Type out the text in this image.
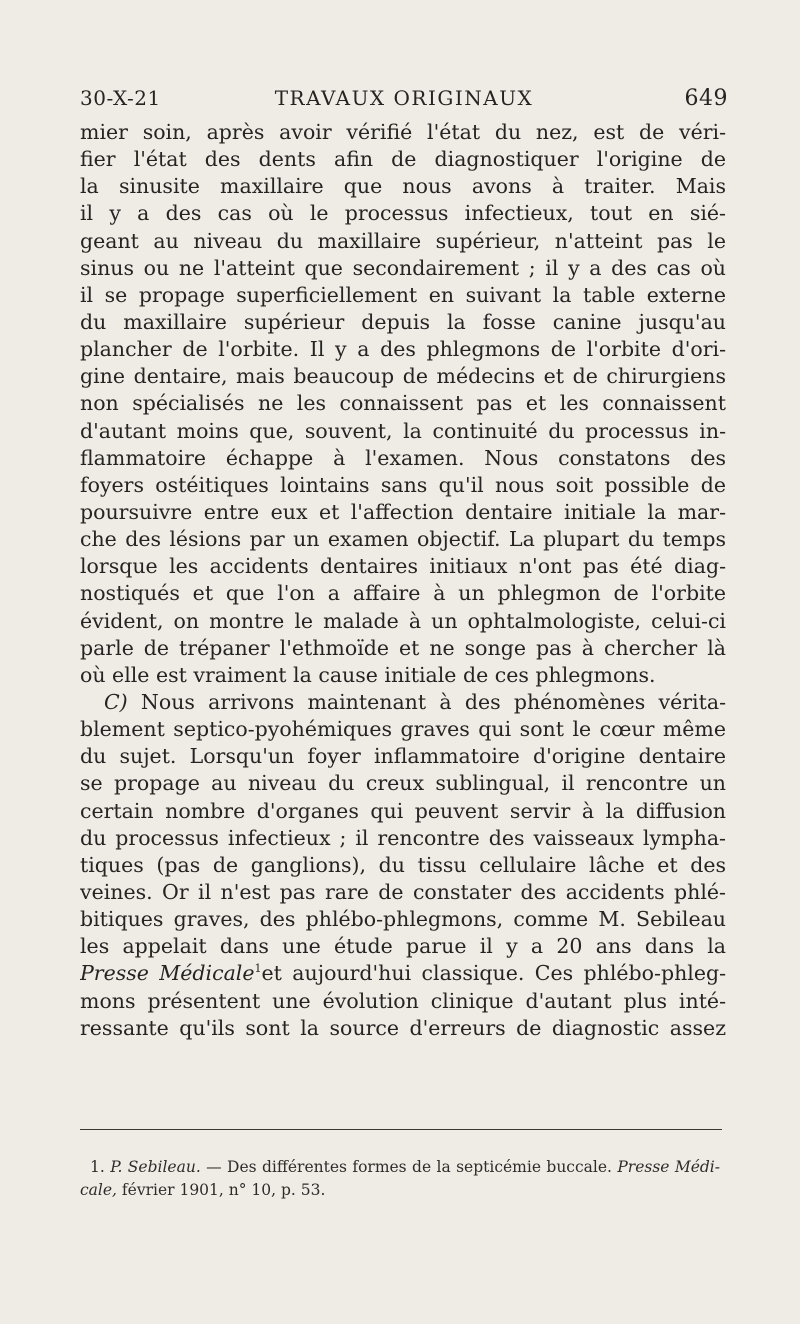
30-X-21	TRAVAUX ORIGINAUX	649
mier soin, après avoir vérifié l'état du nez, est de véri-
fier l'état des dents afin de diagnostiquer l'origine de
la sinusite maxillaire que nous avons à traiter. Mais
il y a des cas où le processus infectieux, tout en sié-
geant au niveau du maxillaire supérieur, n'atteint pas le
sinus ou ne l'atteint que secondairement ; il y a des cas où
il se propage superficiellement en suivant la table externe
du maxillaire supérieur depuis la fosse canine jusqu'au
plancher de l'orbite. Il y a des phlegmons de l'orbite d'ori-
gine dentaire, mais beaucoup de médecins et de chirurgiens
non spécialisés ne les connaissent pas et les connaissent
d'autant moins que, souvent, la continuité du processus in-
flammatoire échappe à l'examen. Nous constatons des
foyers ostéitiques lointains sans qu'il nous soit possible de
poursuivre entre eux et l'affection dentaire initiale la mar-
che des lésions par un examen objectif. La plupart du temps
lorsque les accidents dentaires initiaux n'ont pas été diag-
nostiqués et que l'on a affaire à un phlegmon de l'orbite
évident, on montre le malade à un ophtalmologiste, celui-ci
parle de trépaner l'ethmoïde et ne songe pas à chercher là
où elle est vraiment la cause initiale de ces phlegmons.
C) Nous arrivons maintenant à des phénomènes vérita-
blement septico-pyohémiques graves qui sont le cœur même
du sujet. Lorsqu'un foyer inflammatoire d'origine dentaire
se propage au niveau du creux sublingual, il rencontre un
certain nombre d'organes qui peuvent servir à la diffusion
du processus infectieux ; il rencontre des vaisseaux lympha-
tiques (pas de ganglions), du tissu cellulaire lâche et des
veines. Or il n'est pas rare de constater des accidents phlé-
bitiques graves, des phlébo-phlegmons, comme M. Sebileau
les appelait dans une étude parue il y a 20 ans dans la
Presse Médicale$^1$et aujourd'hui classique. Ces phlébo-phleg-
mons présentent une évolution clinique d'autant plus inté-
ressante qu'ils sont la source d'erreurs de diagnostic assez
1. P. Sebileau. — Des différentes formes de la septicémie buccale. Presse Médi-
cale, février 1901, n° 10, p. 53.
